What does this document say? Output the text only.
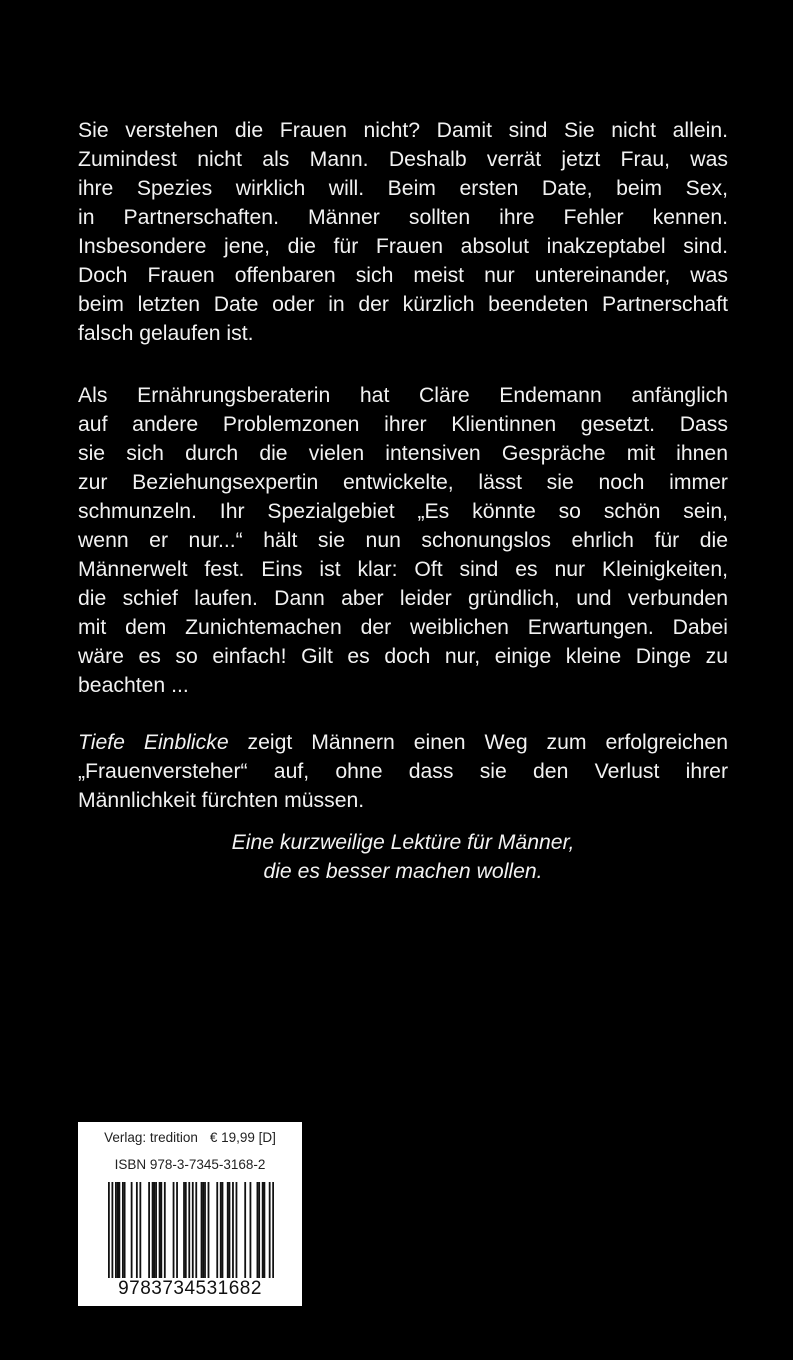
Sie verstehen die Frauen nicht? Damit sind Sie nicht allein.
Zumindest nicht als Mann. Deshalb verrät jetzt Frau, was
ihre Spezies wirklich will. Beim ersten Date, beim Sex,
in Partnerschaften. Männer sollten ihre Fehler kennen.
Insbesondere jene, die für Frauen absolut inakzeptabel sind.
Doch Frauen offenbaren sich meist nur untereinander, was
beim letzten Date oder in der kürzlich beendeten Partnerschaft
falsch gelaufen ist.
Als Ernährungsberaterin hat Cläre Endemann anfänglich
auf andere Problemzonen ihrer Klientinnen gesetzt. Dass
sie sich durch die vielen intensiven Gespräche mit ihnen
zur Beziehungsexpertin entwickelte, lässt sie noch immer
schmunzeln. Ihr Spezialgebiet „Es könnte so schön sein,
wenn er nur...“ hält sie nun schonungslos ehrlich für die
Männerwelt fest. Eins ist klar: Oft sind es nur Kleinigkeiten,
die schief laufen. Dann aber leider gründlich, und verbunden
mit dem Zunichtemachen der weiblichen Erwartungen. Dabei
wäre es so einfach! Gilt es doch nur, einige kleine Dinge zu
beachten ...
Tiefe Einblicke zeigt Männern einen Weg zum erfolgreichen
„Frauenversteher“ auf, ohne dass sie den Verlust ihrer
Männlichkeit fürchten müssen.
Eine kurzweilige Lektüre für Männer,
die es besser machen wollen.
Verlag: tredition € 19,99 [D]
ISBN 978-3-7345-3168-2
9783734531682
